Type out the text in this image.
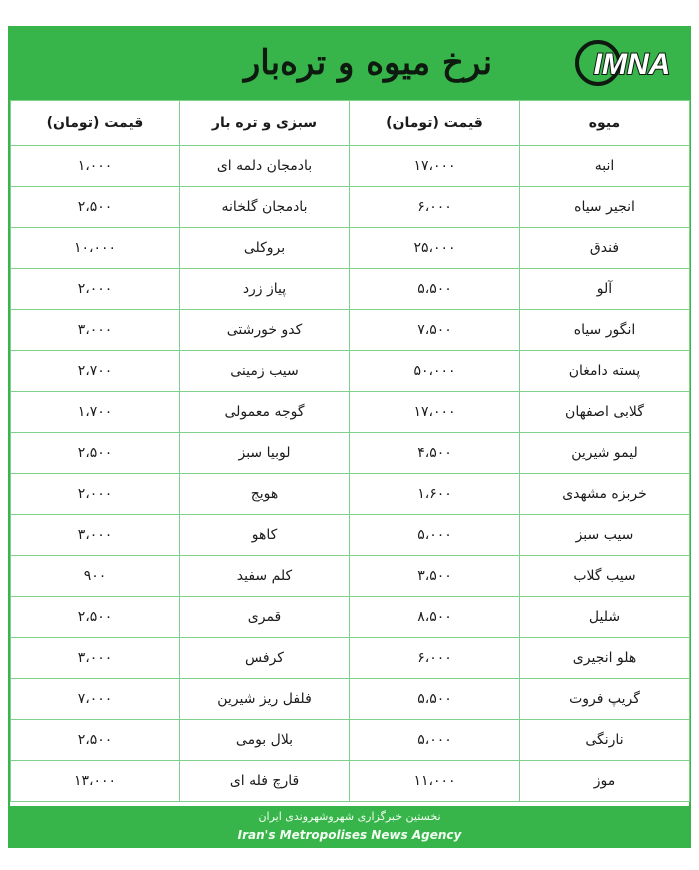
نرخ میوه و تره‌بار	IMNA
میوه	قیمت (تومان)	سبزی و تره بار	قیمت (تومان)
انبه	۱۷،۰۰۰	بادمجان دلمه ای	۱،۰۰۰
انجیر سیاه	۶،۰۰۰	بادمجان گلخانه	۲،۵۰۰
فندق	۲۵،۰۰۰	بروکلی	۱۰،۰۰۰
آلو	۵،۵۰۰	پیاز زرد	۲،۰۰۰
انگور سیاه	۷،۵۰۰	کدو خورشتی	۳،۰۰۰
پسته دامغان	۵۰،۰۰۰	سیب زمینی	۲،۷۰۰
گلابی اصفهان	۱۷،۰۰۰	گوجه معمولی	۱،۷۰۰
لیمو شیرین	۴،۵۰۰	لوبیا سبز	۲،۵۰۰
خربزه مشهدی	۱،۶۰۰	هویج	۲،۰۰۰
سیب سبز	۵،۰۰۰	کاهو	۳،۰۰۰
سیب گلاب	۳،۵۰۰	کلم سفید	۹۰۰
شلیل	۸،۵۰۰	قمری	۲،۵۰۰
هلو انجیری	۶،۰۰۰	کرفس	۳،۰۰۰
گریپ فروت	۵،۵۰۰	فلفل ریز شیرین	۷،۰۰۰
نارنگی	۵،۰۰۰	بلال بومی	۲،۵۰۰
موز	۱۱،۰۰۰	قارچ فله ای	۱۳،۰۰۰
نخستین خبرگزاری شهروشهروندی ایران
Iran's Metropolises News Agency
